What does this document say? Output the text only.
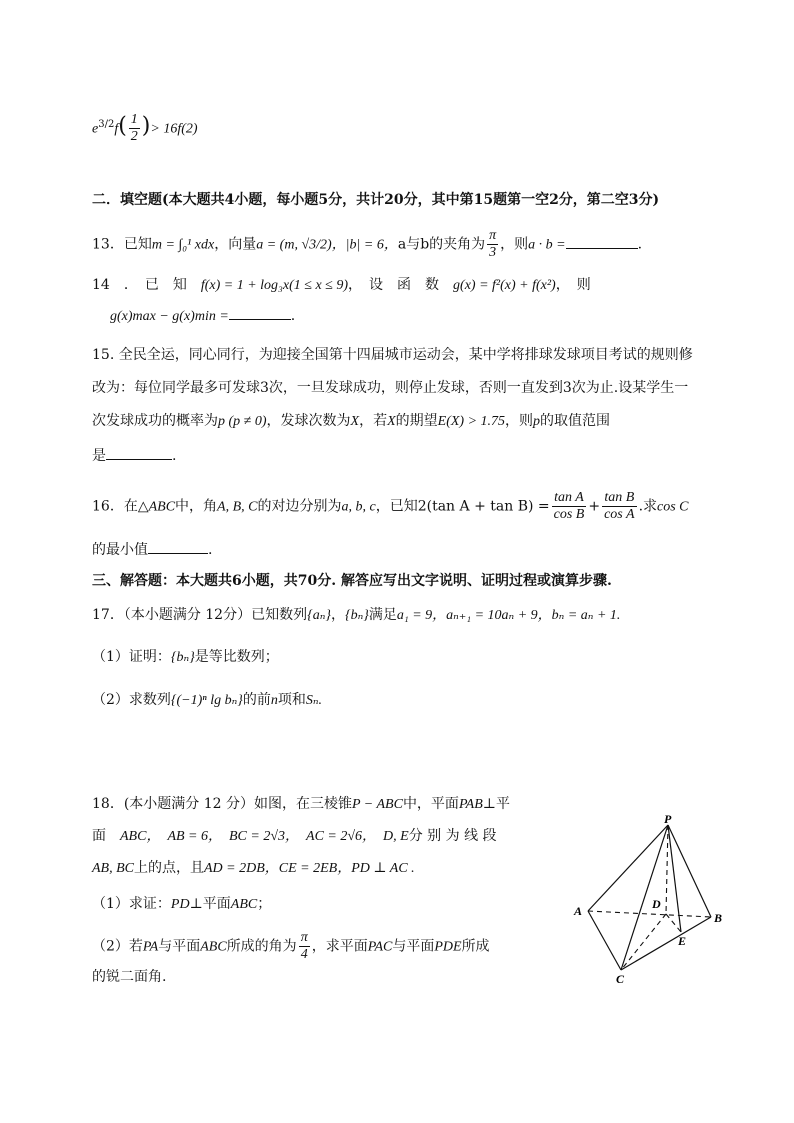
$e^{3/2}f( \frac{1}{2}$ )> 16f(2)
二．填空题(本大题共4小题，每小题5分，共计20分，其中第15题第一空2分，第二空3分)
13．已知m = ∫₀¹ xdx，向量a = (m, √3/2)，|b| = 6，a与b的夹角为 $\frac{\pi}{3}$ ，则a · b =	.
14　．　已　知　 f(x) = 1 + log₃x(1 ≤ x ≤ 9)，　设　函　数　 g(x) = f²(x) + f(x²)，　则
g(x)max − g(x)min =	.
15. 全民全运，同心同行，为迎接全国第十四届城市运动会，某中学将排球发球项目考试的规则修
改为：每位同学最多可发球3次，一旦发球成功，则停止发球，否则一直发到3次为止.设某学生一
次发球成功的概率为p (p ≠ 0)，发球次数为X，若X的期望E(X) > 1.75，则p的取值范围
是	.
16．在△ABC中，角A, B, C的对边分别为a, b, c，已知2(tan $A + \tan B) = \frac{\text{tan A}}{\text{cos B}} + \frac{\text{tan B}}{\text{cos A}}$ .求cos C
的最小值	.
三、解答题：本大题共6小题，共70分. 解答应写出文字说明、证明过程或演算步骤.
17．（本小题满分 12分）已知数列{aₙ}，{bₙ}满足a₁ = 9，aₙ₊₁ = 10aₙ + 9，bₙ = aₙ + 1.
（1）证明：{bₙ}是等比数列；
（2）求数列{(−1)ⁿ lg bₙ}的前n项和Sₙ.
18．(本小题满分 12 分）如图，在三棱锥P − ABC中，平面PAB⊥平
面　 ABC，　AB = 6，　BC = 2√3，　AC = 2√6，　 D, E分 别 为 线 段
AB, BC上的点，且AD = 2DB，CE = 2EB，PD ⊥ AC .
（1）求证：PD⊥平面ABC；
（2）若PA与平面ABC所成的角为 $\frac{\pi}{4}$ ，求平面PAC与平面PDE所成
的锐二面角.
P
A	B
C
D
E
